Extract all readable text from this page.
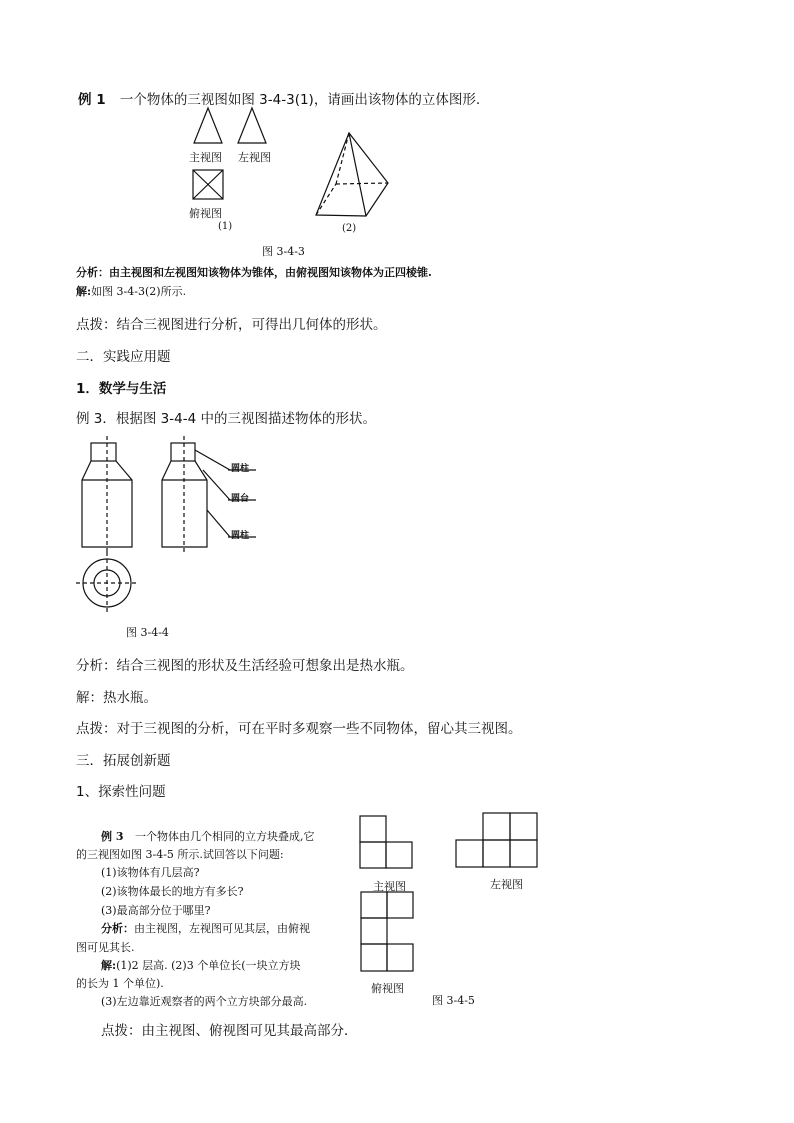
例 1 一个物体的三视图如图 3-4-3(1)，请画出该物体的立体图形.
主视图 左视图
俯视图
(1)	(2)
图 3-4-3
分析：由主视图和左视图知该物体为锥体，由俯视图知该物体为正四棱锥.
解:如图 3-4-3(2)所示.
点拨：结合三视图进行分析，可得出几何体的形状。
二．实践应用题
1．数学与生活
例 3．根据图 3-4-4 中的三视图描述物体的形状。
圆柱
圆台
圆柱
图 3-4-4
分析：结合三视图的形状及生活经验可想象出是热水瓶。
解：热水瓶。
点拨：对于三视图的分析，可在平时多观察一些不同物体，留心其三视图。
三．拓展创新题
1、探索性问题
例 3 一个物体由几个相同的立方块叠成,它
的三视图如图 3-4-5 所示.试回答以下问题:
(1)该物体有几层高?
(2)该物体最长的地方有多长?
(3)最高部分位于哪里?
分析：由主视图，左视图可见其层，由俯视
图可见其长.
解:(1)2 层高. (2)3 个单位长(一块立方块
的长为 1 个单位).
(3)左边靠近观察者的两个立方块部分最高.
主视图	左视图
俯视图
图 3-4-5
点拨：由主视图、俯视图可见其最高部分．
